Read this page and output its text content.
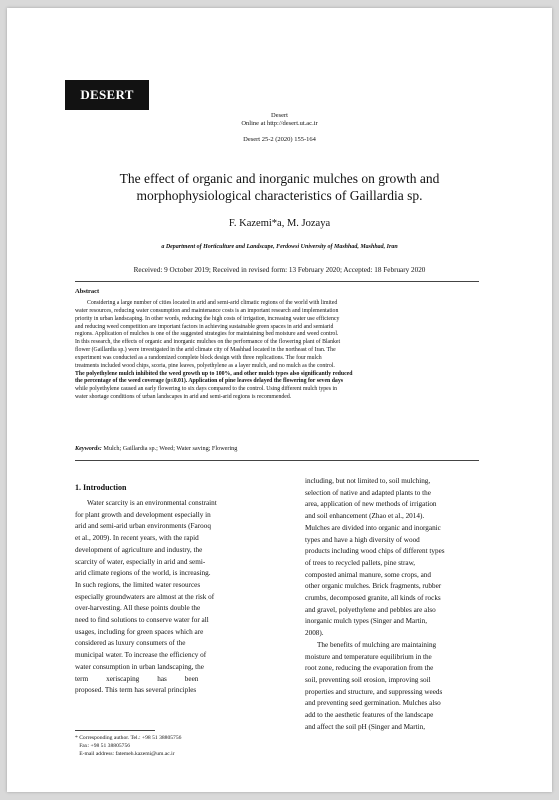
DESERT
Desert
Online at http://desert.ut.ac.ir
Desert 25-2 (2020) 155-164
The effect of organic and inorganic mulches on growth and
morphophysiological characteristics of Gaillardia sp.
F. Kazemi*a, M. Jozaya
a Department of Horticulture and Landscape, Ferdowsi University of Mashhad, Mashhad, Iran
Received: 9 October 2019; Received in revised form: 13 February 2020; Accepted: 18 February 2020
Abstract
Considering a large number of cities located in arid and semi-arid climatic regions of the world with limited
water resources, reducing water consumption and maintenance costs is an important research and implementation
priority in urban landscaping. In other words, reducing the high costs of irrigation, increasing water use efficiency
and reducing weed competition are important factors in achieving sustainable green spaces in arid and semiarid
regions. Application of mulches is one of the suggested strategies for maintaining bed moisture and weed control.
In this research, the effects of organic and inorganic mulches on the performance of the flowering plant of Blanket
flower (Gaillardia sp.) were investigated in the arid climate city of Mashhad located in the northeast of Iran. The
experiment was conducted as a randomized complete block design with three replications. The four mulch
treatments included wood chips, scoria, pine leaves, polyethylene as a layer mulch, and no mulch as the control.
The polyethylene mulch inhibited the weed growth up to 100%, and other mulch types also significantly reduced
the percentage of the weed coverage (p≤0.01). Application of pine leaves delayed the flowering for seven days
while polyethylene caused an early flowering to six days compared to the control. Using different mulch types in
water shortage conditions of urban landscapes in arid and semi-arid regions is recommended.
Keywords: Mulch; Gaillardia sp.; Weed; Water saving; Flowering
1. Introduction
Water scarcity is an environmental constraint
for plant growth and development especially in
arid and semi-arid urban environments (Farooq
et al., 2009). In recent years, with the rapid
development of agriculture and industry, the
scarcity of water, especially in arid and semi-
arid climate regions of the world, is increasing.
In such regions, the limited water resources
especially groundwaters are almost at the risk of
over-harvesting. All these points double the
need to find solutions to conserve water for all
usages, including for green spaces which are
considered as luxury consumers of the
municipal water. To increase the efficiency of
water consumption in urban landscaping, the
term          xeriscaping          has          been
proposed. This term has several principles
including, but not limited to, soil mulching,
selection of native and adapted plants to the
area, application of new methods of irrigation
and soil enhancement (Zhao et al., 2014).
Mulches are divided into organic and inorganic
types and have a high diversity of wood
products including wood chips of different types
of trees to recycled pallets, pine straw,
composted animal manure, some crops, and
other organic mulches. Brick fragments, rubber
crumbs, decomposed granite, all kinds of rocks
and gravel, polyethylene and pebbles are also
inorganic mulch types (Singer and Martin,
2008).
The benefits of mulching are maintaining
moisture and temperature equilibrium in the
root zone, reducing the evaporation from the
soil, preventing soil erosion, improving soil
properties and structure, and suppressing weeds
and preventing seed germination. Mulches also
add to the aesthetic features of the landscape
and affect the soil pH (Singer and Martin,
* Corresponding author. Tel.: +98 51 38805756
Fax: +98 51 38805756
E-mail address: fatemeh.kazemi@um.ac.ir
